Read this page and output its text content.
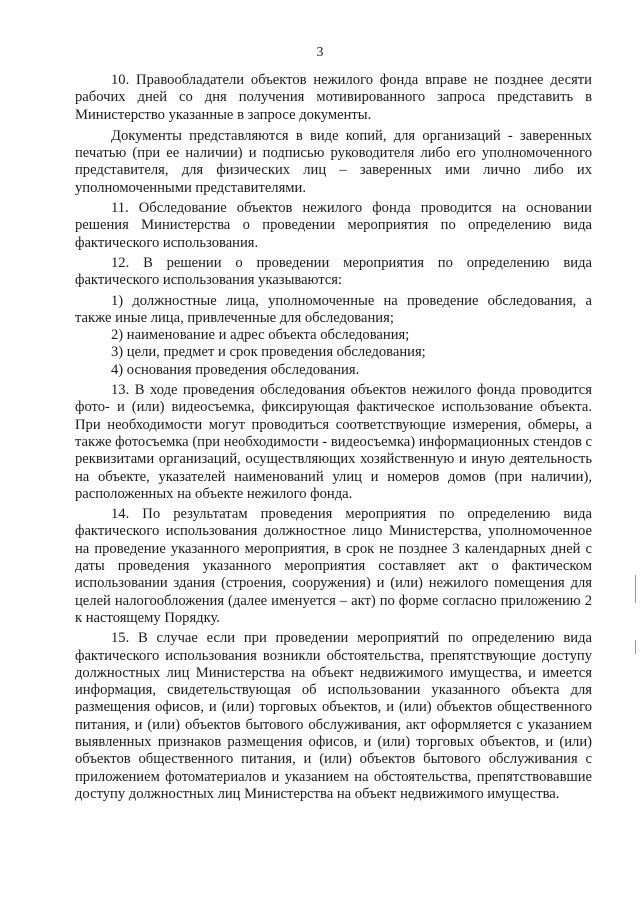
3

10. Правообладатели объектов нежилого фонда вправе не позднее десяти рабочих дней со дня получения мотивированного запроса представить в Министерство указанные в запросе документы.

Документы представляются в виде копий, для организаций - заверенных печатью (при ее наличии) и подписью руководителя либо его уполномоченного представителя, для физических лиц – заверенных ими лично либо их уполномоченными представителями.

11. Обследование объектов нежилого фонда проводится на основании решения Министерства о проведении мероприятия по определению вида фактического использования.

12. В решении о проведении мероприятия по определению вида фактического использования указываются:

1) должностные лица, уполномоченные на проведение обследования, а также иные лица, привлеченные для обследования;

2) наименование и адрес объекта обследования;

3) цели, предмет и срок проведения обследования;

4) основания проведения обследования.

13. В ходе проведения обследования объектов нежилого фонда проводится фото- и (или) видеосъемка, фиксирующая фактическое использование объекта. При необходимости могут проводиться соответствующие измерения, обмеры, а также фотосъемка (при необходимости - видеосъемка) информационных стендов с реквизитами организаций, осуществляющих хозяйственную и иную деятельность на объекте, указателей наименований улиц и номеров домов (при наличии), расположенных на объекте нежилого фонда.

14. По результатам проведения мероприятия по определению вида фактического использования должностное лицо Министерства, уполномоченное на проведение указанного мероприятия, в срок не позднее 3 календарных дней с даты проведения указанного мероприятия составляет акт о фактическом использовании здания (строения, сооружения) и (или) нежилого помещения для целей налогообложения (далее именуется – акт) по форме согласно приложению 2 к настоящему Порядку.

15. В случае если при проведении мероприятий по определению вида фактического использования возникли обстоятельства, препятствующие доступу должностных лиц Министерства на объект недвижимого имущества, и имеется информация, свидетельствующая об использовании указанного объекта для размещения офисов, и (или) торговых объектов, и (или) объектов общественного питания, и (или) объектов бытового обслуживания, акт оформляется с указанием выявленных признаков размещения офисов, и (или) торговых объектов, и (или) объектов общественного питания, и (или) объектов бытового обслуживания с приложением фотоматериалов и указанием на обстоятельства, препятствовавшие доступу должностных лиц Министерства на объект недвижимого имущества.
